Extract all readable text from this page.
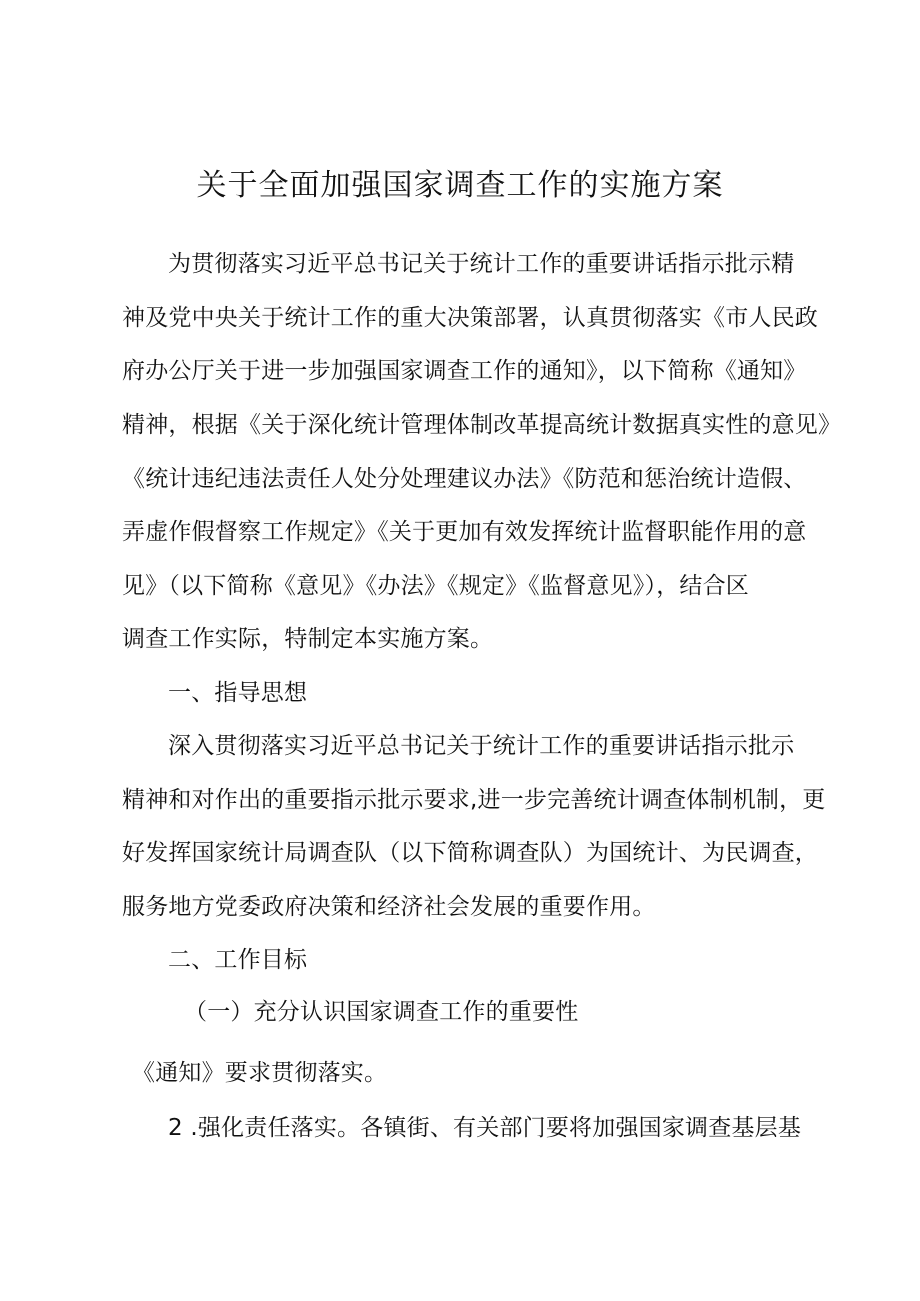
关于全面加强国家调查工作的实施方案
为贯彻落实习近平总书记关于统计工作的重要讲话指示批示精
神及党中央关于统计工作的重大决策部署，认真贯彻落实《市人民政
府办公厅关于进一步加强国家调查工作的通知》，以下简称《通知》
精神，根据《关于深化统计管理体制改革提高统计数据真实性的意见》
《统计违纪违法责任人处分处理建议办法》《防范和惩治统计造假、
弄虚作假督察工作规定》《关于更加有效发挥统计监督职能作用的意
见》（以下简称《意见》《办法》《规定》《监督意见》），结合区
调查工作实际，特制定本实施方案。
一、指导思想
深入贯彻落实习近平总书记关于统计工作的重要讲话指示批示
精神和对作出的重要指示批示要求,进一步完善统计调查体制机制，更
好发挥国家统计局调查队（以下简称调查队）为国统计、为民调查，
服务地方党委政府决策和经济社会发展的重要作用。
二、工作目标
（一）充分认识国家调查工作的重要性
《通知》要求贯彻落实。
2 .强化责任落实。各镇街、有关部门要将加强国家调查基层基
